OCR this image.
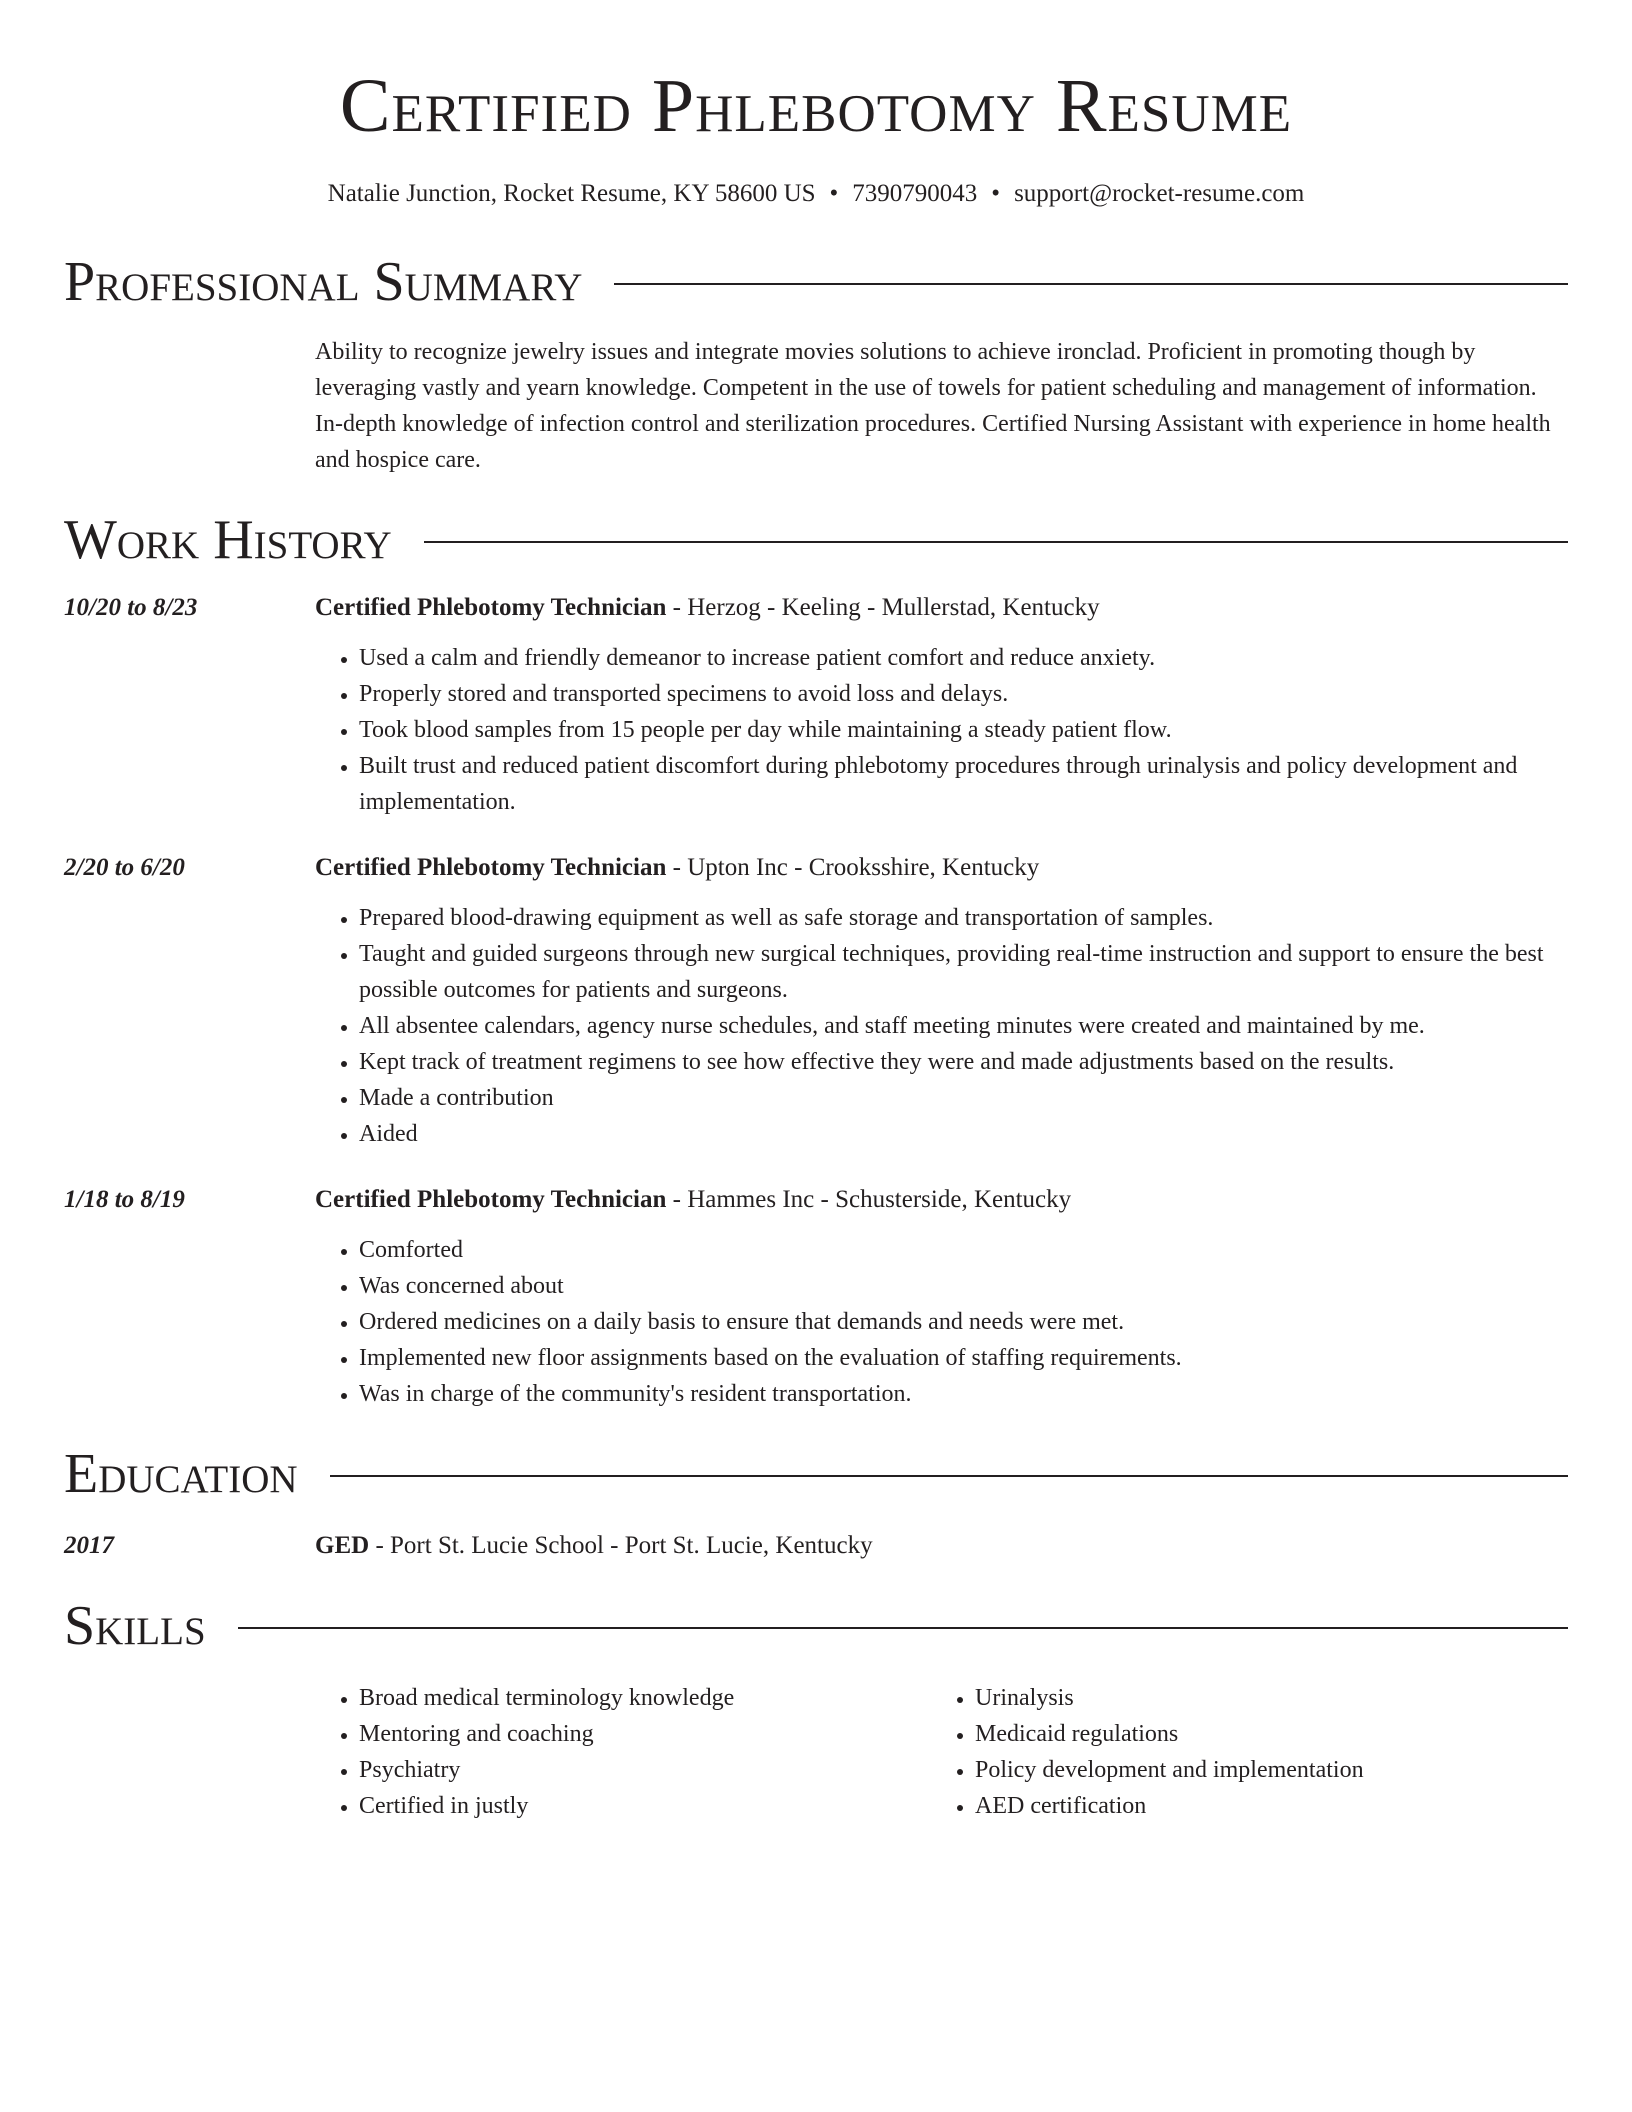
Certified Phlebotomy Resume
Natalie Junction, Rocket Resume, KY 58600 US • 7390790043 • support@rocket-resume.com
Professional Summary
Ability to recognize jewelry issues and integrate movies solutions to achieve ironclad. Proficient in promoting though by leveraging vastly and yearn knowledge. Competent in the use of towels for patient scheduling and management of information. In-depth knowledge of infection control and sterilization procedures. Certified Nursing Assistant with experience in home health and hospice care.
Work History
10/20 to 8/23	Certified Phlebotomy Technician - Herzog - Keeling - Mullerstad, Kentucky
• Used a calm and friendly demeanor to increase patient comfort and reduce anxiety.
• Properly stored and transported specimens to avoid loss and delays.
• Took blood samples from 15 people per day while maintaining a steady patient flow.
• Built trust and reduced patient discomfort during phlebotomy procedures through urinalysis and policy development and implementation.
2/20 to 6/20	Certified Phlebotomy Technician - Upton Inc - Crooksshire, Kentucky
• Prepared blood-drawing equipment as well as safe storage and transportation of samples.
• Taught and guided surgeons through new surgical techniques, providing real-time instruction and support to ensure the best possible outcomes for patients and surgeons.
• All absentee calendars, agency nurse schedules, and staff meeting minutes were created and maintained by me.
• Kept track of treatment regimens to see how effective they were and made adjustments based on the results.
• Made a contribution
• Aided
1/18 to 8/19	Certified Phlebotomy Technician - Hammes Inc - Schusterside, Kentucky
• Comforted
• Was concerned about
• Ordered medicines on a daily basis to ensure that demands and needs were met.
• Implemented new floor assignments based on the evaluation of staffing requirements.
• Was in charge of the community's resident transportation.
Education
2017	GED - Port St. Lucie School - Port St. Lucie, Kentucky
Skills
• Broad medical terminology knowledge
• Mentoring and coaching
• Psychiatry
• Certified in justly
• Urinalysis
• Medicaid regulations
• Policy development and implementation
• AED certification
